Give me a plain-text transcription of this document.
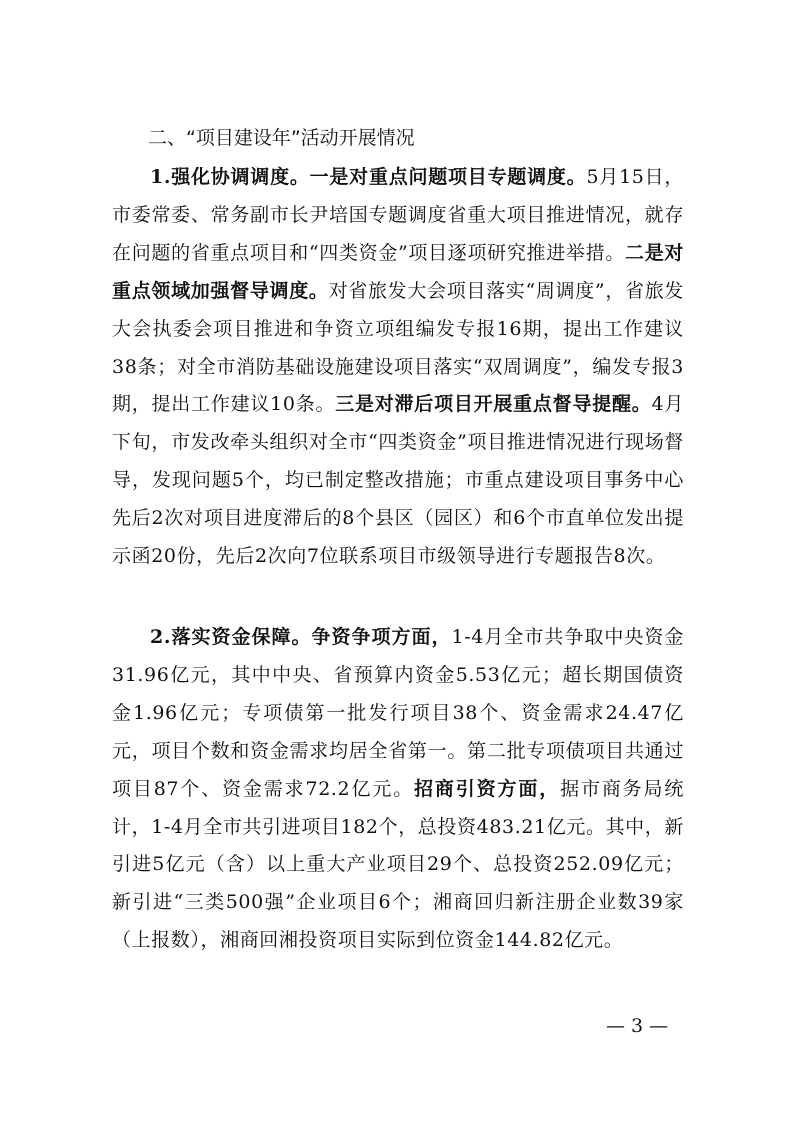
二、“项目建设年”活动开展情况

1.强化协调调度。一是对重点问题项目专题调度。5月15日，市委常委、常务副市长尹培国专题调度省重大项目推进情况，就存在问题的省重点项目和“四类资金”项目逐项研究推进举措。二是对重点领域加强督导调度。对省旅发大会项目落实“周调度”，省旅发大会执委会项目推进和争资立项组编发专报16期，提出工作建议38条；对全市消防基础设施建设项目落实“双周调度”，编发专报3期，提出工作建议10条。三是对滞后项目开展重点督导提醒。4月下旬，市发改牵头组织对全市“四类资金”项目推进情况进行现场督导，发现问题5个，均已制定整改措施；市重点建设项目事务中心先后2次对项目进度滞后的8个县区（园区）和6个市直单位发出提示函20份，先后2次向7位联系项目市级领导进行专题报告8次。

2.落实资金保障。争资争项方面，1-4月全市共争取中央资金31.96亿元，其中中央、省预算内资金5.53亿元；超长期国债资金1.96亿元；专项债第一批发行项目38个、资金需求24.47亿元，项目个数和资金需求均居全省第一。第二批专项债项目共通过项目87个、资金需求72.2亿元。招商引资方面，据市商务局统计，1-4月全市共引进项目182个，总投资483.21亿元。其中，新引进5亿元（含）以上重大产业项目29个、总投资252.09亿元；新引进“三类500强”企业项目6个；湘商回归新注册企业数39家（上报数），湘商回湘投资项目实际到位资金144.82亿元。

— 3 —
